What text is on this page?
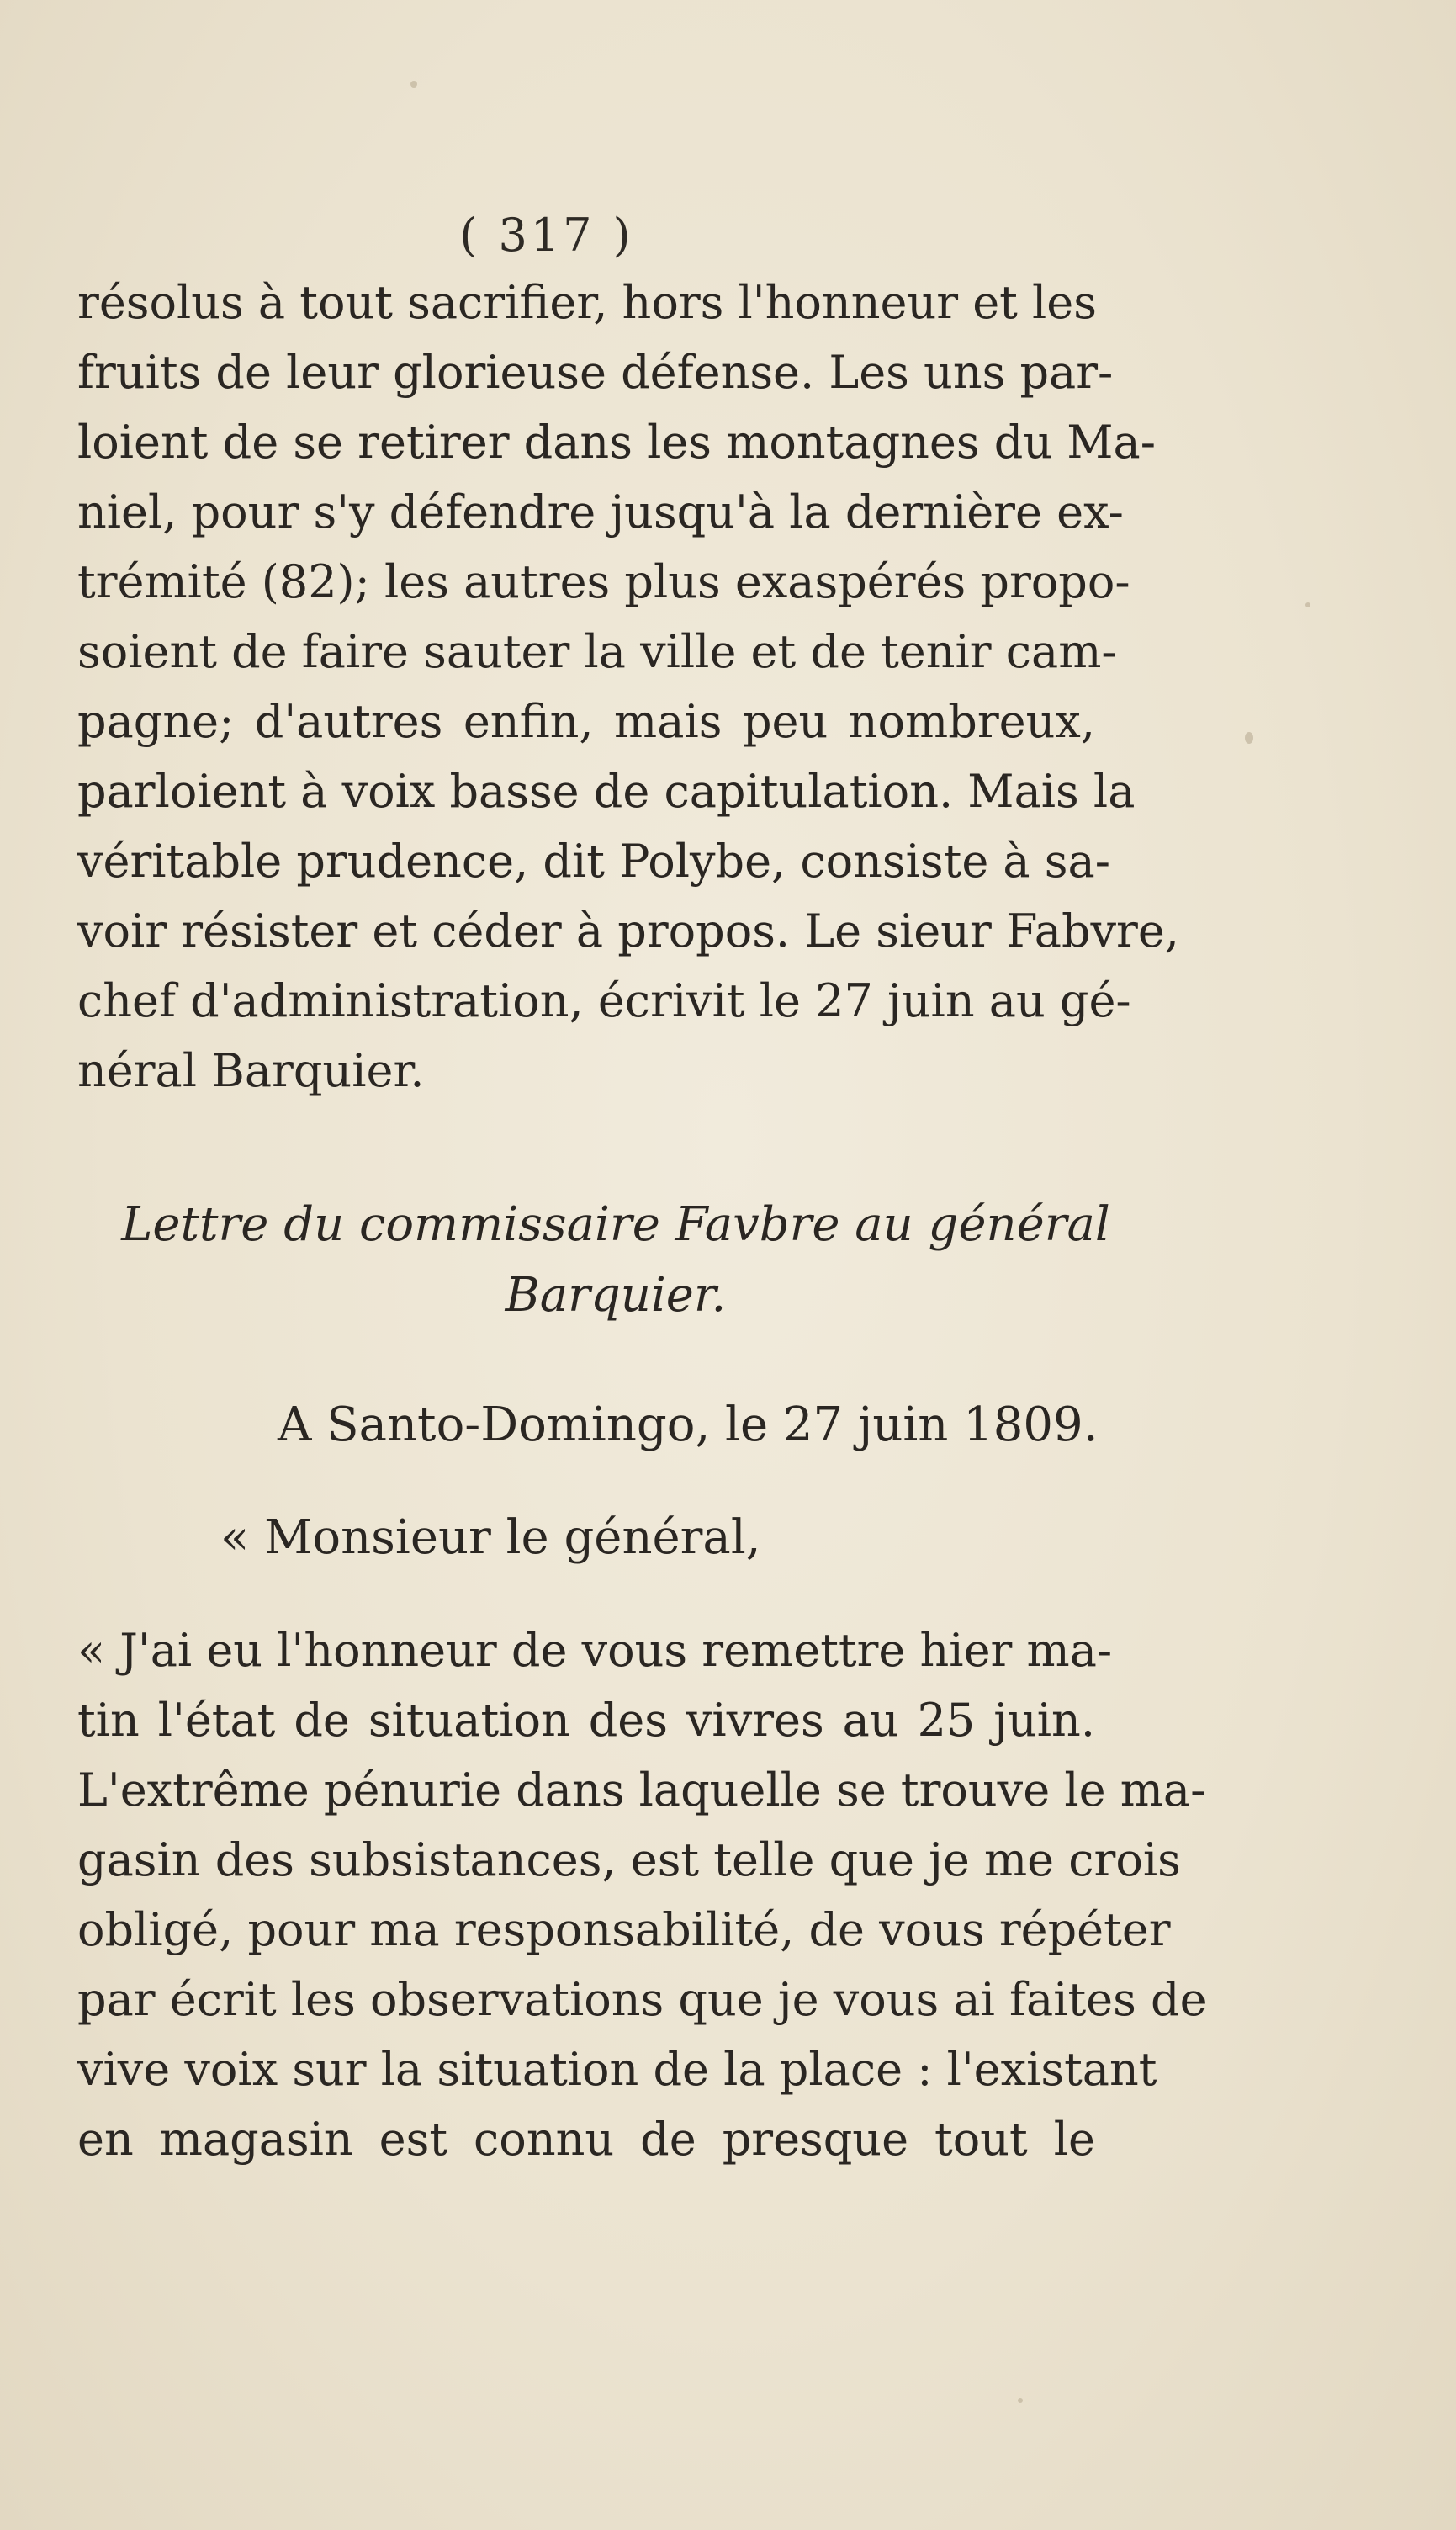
( 317 )
résolus à tout sacrifier, hors l'honneur et les
fruits de leur glorieuse défense. Les uns par-
loient de se retirer dans les montagnes du Ma-
niel, pour s'y défendre jusqu'à la dernière ex-
trémité (82); les autres plus exaspérés propo-
soient de faire sauter la ville et de tenir cam-
pagne; d'autres enfin, mais peu nombreux,
parloient à voix basse de capitulation. Mais la
véritable prudence, dit Polybe, consiste à sa-
voir résister et céder à propos. Le sieur Fabvre,
chef d'administration, écrivit le 27 juin au gé-
néral Barquier.
Lettre du commissaire Favbre au général
Barquier.
A Santo-Domingo, le 27 juin 1809.
« Monsieur le général,
« J'ai eu l'honneur de vous remettre hier ma-
tin l'état de situation des vivres au 25 juin.
L'extrême pénurie dans laquelle se trouve le ma-
gasin des subsistances, est telle que je me crois
obligé, pour ma responsabilité, de vous répéter
par écrit les observations que je vous ai faites de
vive voix sur la situation de la place : l'existant
en magasin est connu de presque tout le
